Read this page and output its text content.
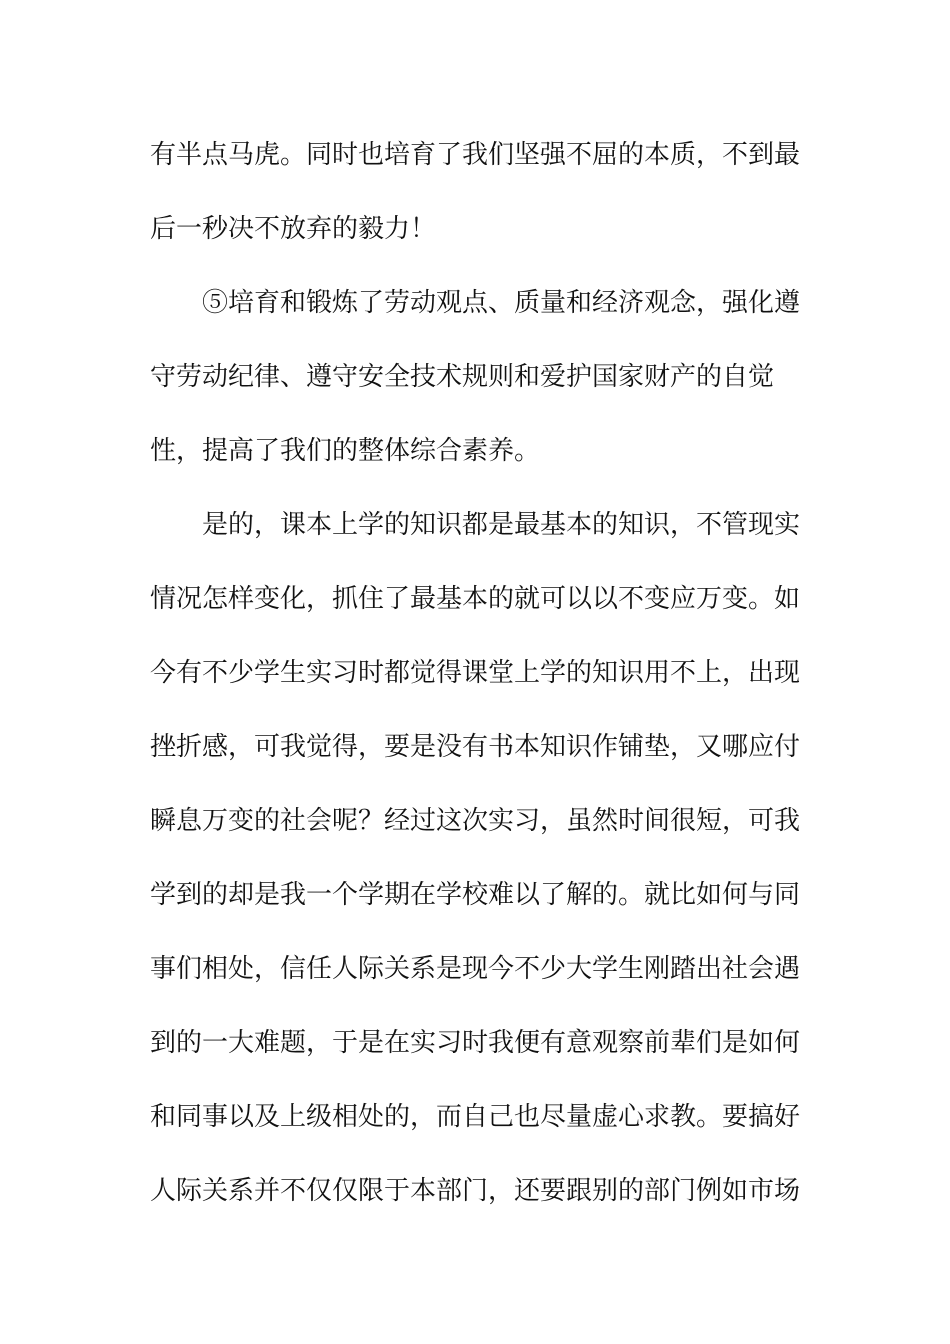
有半点马虎。同时也培育了我们坚强不屈的本质，不到最
后一秒决不放弃的毅力！
⑤培育和锻炼了劳动观点、质量和经济观念，强化遵
守劳动纪律、遵守安全技术规则和爱护国家财产的自觉
性，提高了我们的整体综合素养。
是的，课本上学的知识都是最基本的知识，不管现实
情况怎样变化，抓住了最基本的就可以以不变应万变。如
今有不少学生实习时都觉得课堂上学的知识用不上，出现
挫折感，可我觉得，要是没有书本知识作铺垫，又哪应付
瞬息万变的社会呢？经过这次实习，虽然时间很短，可我
学到的却是我一个学期在学校难以了解的。就比如何与同
事们相处，信任人际关系是现今不少大学生刚踏出社会遇
到的一大难题，于是在实习时我便有意观察前辈们是如何
和同事以及上级相处的，而自己也尽量虚心求教。要搞好
人际关系并不仅仅限于本部门，还要跟别的部门例如市场
